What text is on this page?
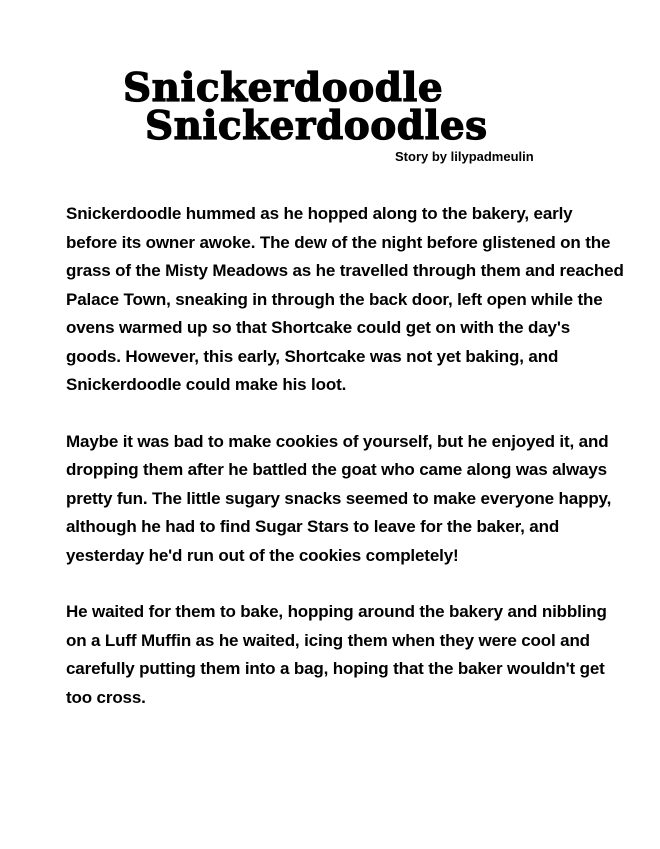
Snickerdoodle
Snickerdoodles
Story by lilypadmeulin

Snickerdoodle hummed as he hopped along to the bakery, early before its owner awoke. The dew of the night before glistened on the grass of the Misty Meadows as he travelled through them and reached Palace Town, sneaking in through the back door, left open while the ovens warmed up so that Shortcake could get on with the day's goods. However, this early, Shortcake was not yet baking, and Snickerdoodle could make his loot.

Maybe it was bad to make cookies of yourself, but he enjoyed it, and dropping them after he battled the goat who came along was always pretty fun. The little sugary snacks seemed to make everyone happy, although he had to find Sugar Stars to leave for the baker, and yesterday he'd run out of the cookies completely!

He waited for them to bake, hopping around the bakery and nibbling on a Luff Muffin as he waited, icing them when they were cool and carefully putting them into a bag, hoping that the baker wouldn't get too cross.
